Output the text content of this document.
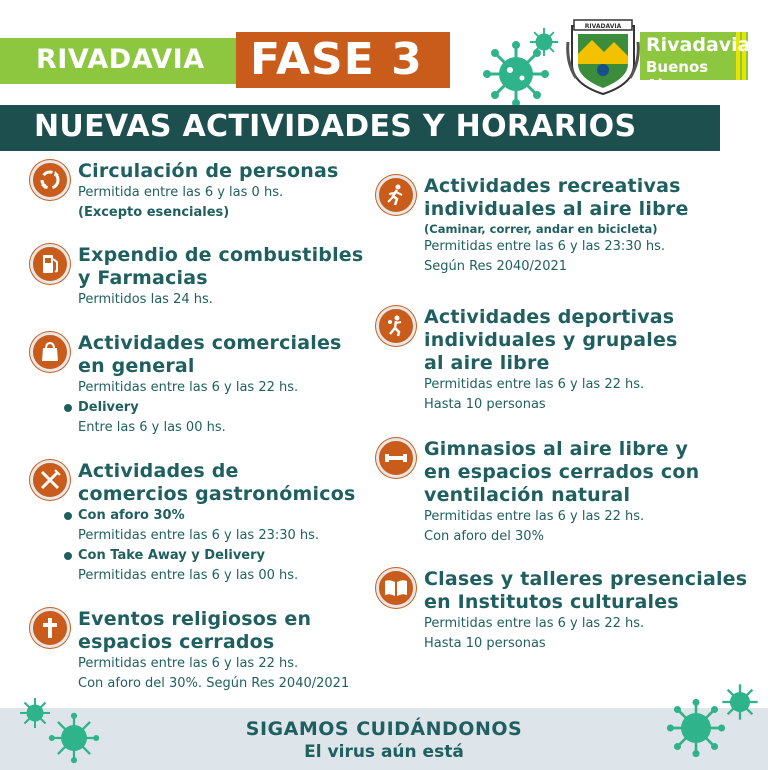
RIVADAVIA FASE 3
RIVADAVIA
Rivadavia
Buenos Aires
NUEVAS ACTIVIDADES Y HORARIOS
Circulación de personas
Permitida entre las 6 y las 0 hs.
(Excepto esenciales)
Expendio de combustibles
y Farmacias
Permitidos las 24 hs.
Actividades comerciales
en general
Permitidas entre las 6 y las 22 hs.
Delivery
Entre las 6 y las 00 hs.
Actividades de
comercios gastronómicos
Con aforo 30%
Permitidas entre las 6 y las 23:30 hs.
Con Take Away y Delivery
Permitidas entre las 6 y las 00 hs.
Eventos religiosos en
espacios cerrados
Permitidas entre las 6 y las 22 hs.
Con aforo del 30%. Según Res 2040/2021
Actividades recreativas
individuales al aire libre
(Caminar, correr, andar en bicicleta)
Permitidas entre las 6 y las 23:30 hs.
Según Res 2040/2021
Actividades deportivas
individuales y grupales
al aire libre
Permitidas entre las 6 y las 22 hs.
Hasta 10 personas
Gimnasios al aire libre y
en espacios cerrados con
ventilación natural
Permitidas entre las 6 y las 22 hs.
Con aforo del 30%
Clases y talleres presenciales
en Institutos culturales
Permitidas entre las 6 y las 22 hs.
Hasta 10 personas
SIGAMOS CUIDÁNDONOS
El virus aún está
